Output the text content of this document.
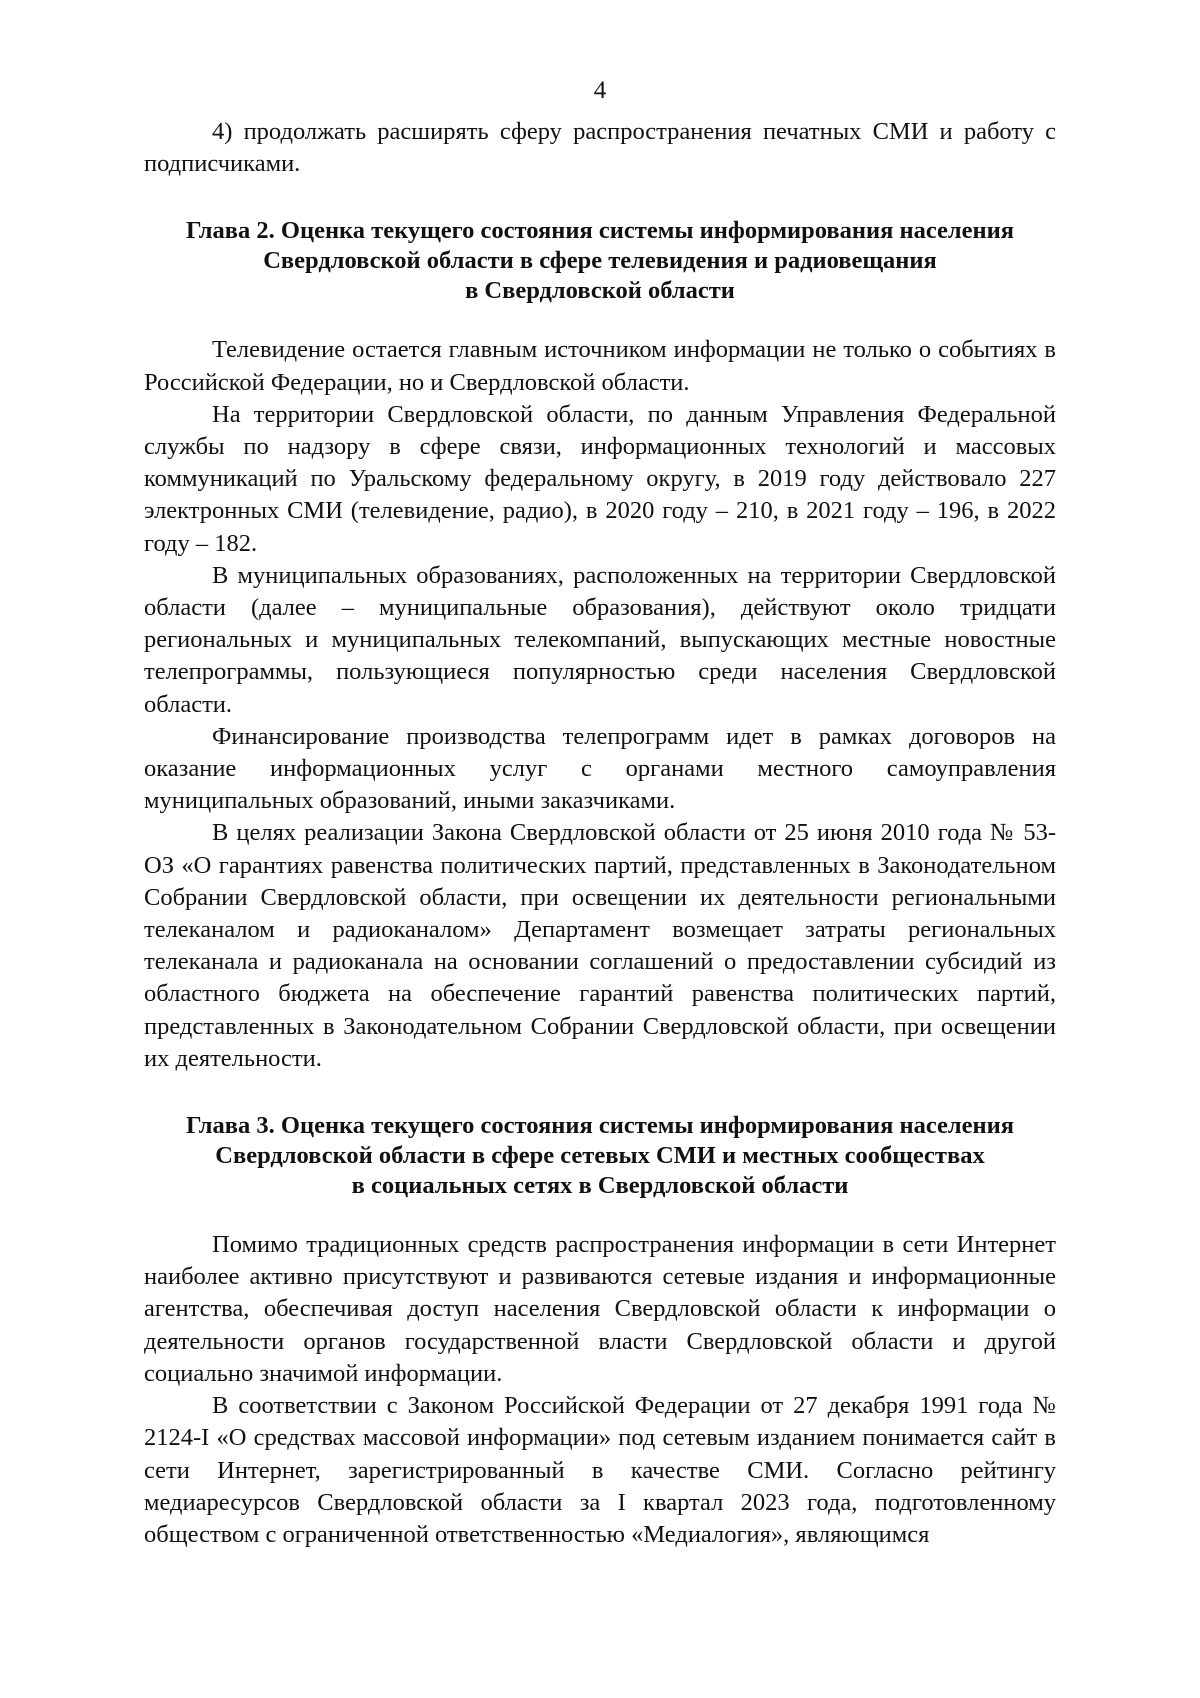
4

4) продолжать расширять сферу распространения печатных СМИ и работу с подписчиками.

Глава 2. Оценка текущего состояния системы информирования населения
Свердловской области в сфере телевидения и радиовещания
в Свердловской области

Телевидение остается главным источником информации не только о событиях в Российской Федерации, но и Свердловской области.

На территории Свердловской области, по данным Управления Федеральной службы по надзору в сфере связи, информационных технологий и массовых коммуникаций по Уральскому федеральному округу, в 2019 году действовало 227 электронных СМИ (телевидение, радио), в 2020 году – 210, в 2021 году – 196, в 2022 году – 182.

В муниципальных образованиях, расположенных на территории Свердловской области (далее – муниципальные образования), действуют около тридцати региональных и муниципальных телекомпаний, выпускающих местные новостные телепрограммы, пользующиеся популярностью среди населения Свердловской области.

Финансирование производства телепрограмм идет в рамках договоров на оказание информационных услуг с органами местного самоуправления муниципальных образований, иными заказчиками.

В целях реализации Закона Свердловской области от 25 июня 2010 года № 53-ОЗ «О гарантиях равенства политических партий, представленных в Законодательном Собрании Свердловской области, при освещении их деятельности региональными телеканалом и радиоканалом» Департамент возмещает затраты региональных телеканала и радиоканала на основании соглашений о предоставлении субсидий из областного бюджета на обеспечение гарантий равенства политических партий, представленных в Законодательном Собрании Свердловской области, при освещении их деятельности.

Глава 3. Оценка текущего состояния системы информирования населения
Свердловской области в сфере сетевых СМИ и местных сообществах
в социальных сетях в Свердловской области

Помимо традиционных средств распространения информации в сети Интернет наиболее активно присутствуют и развиваются сетевые издания и информационные агентства, обеспечивая доступ населения Свердловской области к информации о деятельности органов государственной власти Свердловской области и другой социально значимой информации.

В соответствии с Законом Российской Федерации от 27 декабря 1991 года № 2124-I «О средствах массовой информации» под сетевым изданием понимается сайт в сети Интернет, зарегистрированный в качестве СМИ. Согласно рейтингу медиаресурсов Свердловской области за I квартал 2023 года, подготовленному обществом с ограниченной ответственностью «Медиалогия», являющимся
